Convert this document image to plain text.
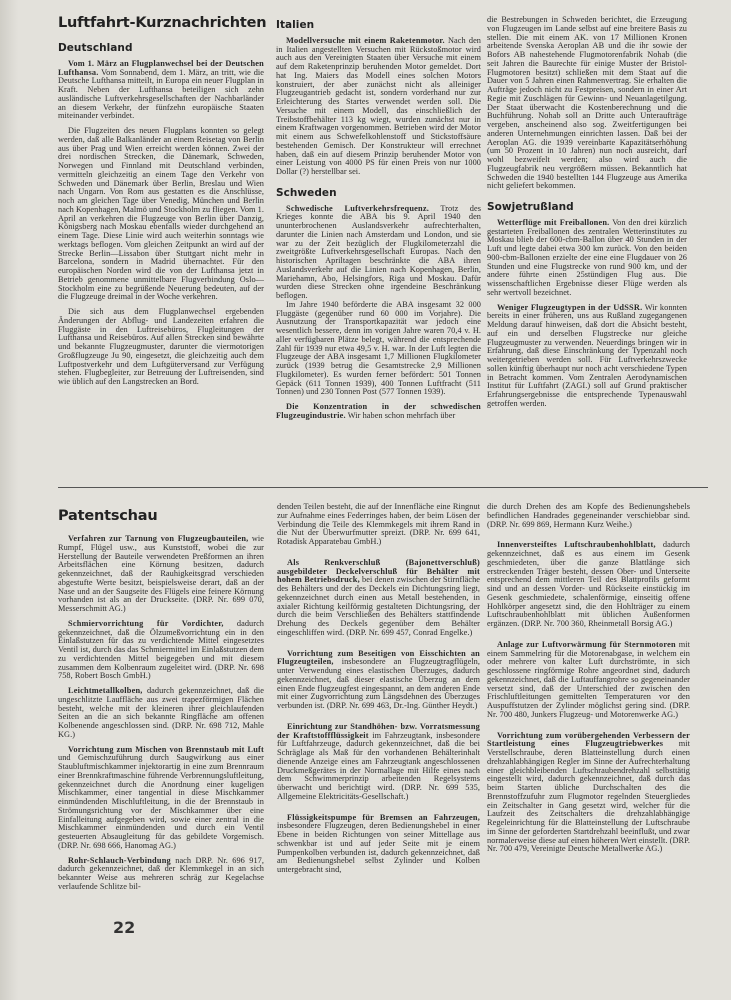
Luftfahrt-Kurznachrichten
Deutschland

Vom 1. März an Flugplanwechsel bei der Deutschen Lufthansa. Vom Sonnabend, dem 1. März, an tritt, wie die Deutsche Lufthansa mitteilt, in Europa ein neuer Flugplan in Kraft. Neben der Lufthansa beteiligen sich zehn ausländische Luftverkehrsgesellschaften der Nachbarländer an diesem Verkehr, der fünfzehn europäische Staaten miteinander verbindet.

Die Flugzeiten des neuen Flugplans konnten so gelegt werden, daß alle Balkanländer an einem Reisetag von Berlin aus über Prag und Wien erreicht werden können. Zwei der drei nordischen Strecken, die Dänemark, Schweden, Norwegen und Finnland mit Deutschland verbinden, vermitteln gleichzeitig an einem Tage den Verkehr von Schweden und Dänemark über Berlin, Breslau und Wien nach Ungarn. Von Rom aus gestatten es die Anschlüsse, noch am gleichen Tage über Venedig, München und Berlin nach Kopenhagen, Malmö und Stockholm zu fliegen. Vom 1. April an verkehren die Flugzeuge von Berlin über Danzig, Königsberg nach Moskau ebenfalls wieder durchgehend an einem Tage. Diese Linie wird auch weiterhin sonntags wie werktags beflogen. Vom gleichen Zeitpunkt an wird auf der Strecke Berlin—Lissabon über Stuttgart nicht mehr in Barcelona, sondern in Madrid übernachtet. Für den europäischen Norden wird die von der Lufthansa jetzt in Betrieb genommene unmittelbare Flugverbindung Oslo—Stockholm eine zu begrüßende Neuerung bedeuten, auf der die Flugzeuge dreimal in der Woche verkehren.

Die sich aus dem Flugplanwechsel ergebenden Änderungen der Abflug- und Landezeiten erfahren die Fluggäste in den Luftreisebüros, Flugleitungen der Lufthansa und Reisebüros. Auf allen Strecken sind bewährte und bekannte Flugzeugmuster, darunter die viermotorigen Großflugzeuge Ju 90, eingesetzt, die gleichzeitig auch dem Luftpostverkehr und dem Luftgüterversand zur Verfügung stehen. Flugbegleiter, zur Betreuung der Luftreisenden, sind wie üblich auf den Langstrecken an Bord.

Italien

Modellversuche mit einem Raketenmotor. Nach den in Italien angestellten Versuchen mit Rückstoßmotor wird auch aus den Vereinigten Staaten über Versuche mit einem auf dem Raketenprinzip beruhenden Motor gemeldet. Dort hat Ing. Maiers das Modell eines solchen Motors konstruiert, der aber zunächst nicht als alleiniger Flugzeugantrieb gedacht ist, sondern vorderhand nur zur Erleichterung des Startes verwendet werden soll. Die Versuche mit einem Modell, das einschließlich der Treibstoffbehälter 113 kg wiegt, wurden zunächst nur in einem Kraftwagen vorgenommen. Betrieben wird der Motor mit einem aus Schwefelkohlenstoff und Stickstoffsäure bestehenden Gemisch. Der Konstrukteur will errechnet haben, daß ein auf diesem Prinzip beruhender Motor von einer Leistung von 4000 PS für einen Preis von nur 1000 Dollar (?) herstellbar sei.

Schweden

Schwedische Luftverkehrsfrequenz. Trotz des Krieges konnte die ABA bis 9. April 1940 den ununterbrochenen Auslandsverkehr aufrechterhalten, darunter die Linien nach Amsterdam und London, und sie war zu der Zeit bezüglich der Flugkilometerzahl die zweitgrößte Luftverkehrsgesellschaft Europas. Nach den historischen Apriltagen beschränkte die ABA ihren Auslandsverkehr auf die Linien nach Kopenhagen, Berlin, Mariehamn, Abo, Helsingfors, Riga und Moskau. Dafür wurden diese Strecken ohne irgendeine Beschränkung beflogen.

Im Jahre 1940 beförderte die ABA insgesamt 32 000 Fluggäste (gegenüber rund 60 000 im Vorjahre). Die Ausnutzung der Transportkapazität war jedoch eine wesentlich bessere, denn im vorigen Jahre waren 70,4 v. H. aller verfügbaren Plätze belegt, während die entsprechende Zahl für 1939 nur etwa 49,5 v. H. war. In der Luft legten die Flugzeuge der ABA insgesamt 1,7 Millionen Flugkilometer zurück (1939 betrug die Gesamtstrecke 2,9 Millionen Flugkilometer). Es wurden ferner befördert: 501 Tonnen Gepäck (611 Tonnen 1939), 400 Tonnen Luftfracht (511 Tonnen) und 230 Tonnen Post (577 Tonnen 1939).

Die Konzentration in der schwedischen Flugzeugindustrie. Wir haben schon mehrfach über

die Bestrebungen in Schweden berichtet, die Erzeugung von Flugzeugen im Lande selbst auf eine breitere Basis zu stellen. Die mit einem AK. von 17 Millionen Kronen arbeitende Svenska Aeroplan AB und die ihr sowie der Bofors AB nahestehende Flugmotorenfabrik Nohab (die seit Jahren die Baurechte für einige Muster der Bristol-Flugmotoren besitzt) schließen mit dem Staat auf die Dauer von 5 Jahren einen Rahmenvertrag. Sie erhalten die Aufträge jedoch nicht zu Festpreisen, sondern in einer Art Regie mit Zuschlägen für Gewinn- und Neuanlagetilgung. Der Staat überwacht die Kostenberechnung und die Buchführung. Nohab soll an Dritte auch Unteraufträge vergeben, anscheinend also sog. Zweitfertigungen bei anderen Unternehmungen einrichten lassen. Daß bei der Aeroplan AG. die 1939 vereinbarte Kapazitätserhöhung (um 50 Prozent in 10 Jahren) nun noch ausreicht, darf wohl bezweifelt werden; also wird auch die Flugzeugfabrik neu vergrößern müssen. Bekanntlich hat Schweden die 1940 bestellten 144 Flugzeuge aus Amerika nicht geliefert bekommen.

Sowjetrußland

Wetterflüge mit Freiballonen. Von den drei kürzlich gestarteten Freiballonen des zentralen Wetterinstitutes zu Moskau blieb der 600-cbm-Ballon über 40 Stunden in der Luft und legte dabei etwa 300 km zurück. Von den beiden 900-cbm-Ballonen erzielte der eine eine Flugdauer von 26 Stunden und eine Flugstrecke von rund 900 km, und der andere führte einen 25stündigen Flug aus. Die wissenschaftlichen Ergebnisse dieser Flüge werden als sehr wertvoll bezeichnet.

Weniger Flugzeugtypen in der UdSSR. Wir konnten bereits in einer früheren, uns aus Rußland zugegangenen Meldung darauf hinweisen, daß dort die Absicht besteht, auf ein und derselben Flugstrecke nur gleiche Flugzeugmuster zu verwenden. Neuerdings bringen wir in Erfahrung, daß diese Einschränkung der Typenzahl noch weitergetrieben werden soll. Für Luftverkehrszwecke sollen künftig überhaupt nur noch acht verschiedene Typen in Betracht kommen. Vom Zentralen Aerodynamischen Institut für Luftfahrt (ZAGI.) soll auf Grund praktischer Erfahrungsergebnisse die entsprechende Typenauswahl getroffen werden.

Patentschau

Verfahren zur Tarnung von Flugzeugbauteilen, wie Rumpf, Flügel usw., aus Kunststoff, wobei die zur Herstellung der Bauteile verwendeten Preßformen an ihren Arbeitsflächen eine Körnung besitzen, dadurch gekennzeichnet, daß der Rauhigkeitsgrad verschieden abgestufte Werte besitzt, beispielsweise derart, daß an der Nase und an der Saugseite des Flügels eine feinere Körnung vorhanden ist als an der Druckseite. (DRP. Nr. 699 070, Messerschmitt AG.)

Schmiervorrichtung für Vordichter, dadurch gekennzeichnet, daß die Ölzumeßvorrichtung ein in den Einlaßstutzen für das zu verdichtende Mittel eingesetztes Ventil ist, durch das das Schmiermittel im Einlaßstutzen dem zu verdichtenden Mittel beigegeben und mit diesem zusammen dem Kolbenraum zugeleitet wird. (DRP. Nr. 698 758, Robert Bosch GmbH.)

Leichtmetallkolben, dadurch gekennzeichnet, daß die ungeschlitzte Lauffläche aus zwei trapezförmigen Flächen besteht, welche mit der kleineren ihrer gleichlaufenden Seiten an die an sich bekannte Ringfläche am offenen Kolbenende angeschlossen sind. (DRP. Nr. 698 712, Mahle KG.)

Vorrichtung zum Mischen von Brennstaub mit Luft und Gemischzuführung durch Saugwirkung aus einer Staubluftmischkammer injektorartig in eine zum Brennraum einer Brennkraftmaschine führende Verbrennungsluftleitung, gekennzeichnet durch die Anordnung einer kugeligen Mischkammer, einer tangential in diese Mischkammer einmündenden Mischluftleitung, in die der Brennstaub in Strömungsrichtung vor der Mischkammer über eine Einfalleitung aufgegeben wird, sowie einer zentral in die Mischkammer einmündenden und durch ein Ventil gesteuerten Absaugleitung für das gebildete Vorgemisch. (DRP. Nr. 698 666, Hanomag AG.)

Rohr-Schlauch-Verbindung nach DRP. Nr. 696 917, dadurch gekennzeichnet, daß der Klemmkegel in an sich bekannter Weise aus mehreren schräg zur Kegelachse verlaufende Schlitze bil-

denden Teilen besteht, die auf der Innenfläche eine Ringnut zur Aufnahme eines Federringes haben, der beim Lösen der Verbindung die Teile des Klemmkegels mit ihrem Rand in die Nut der Überwurfmutter spreizt. (DRP. Nr. 699 641, Rotadisk Apparatebau GmbH.)

Als Renkverschluß (Bajonettverschluß) ausgebildeter Deckelverschluß für Behälter mit hohem Betriebsdruck, bei denen zwischen der Stirnfläche des Behälters und der des Deckels ein Dichtungsring liegt, gekennzeichnet durch einen aus Metall bestehenden, in axialer Richtung keilförmig gestalteten Dichtungsring, der durch die beim Verschließen des Behälters stattfindende Drehung des Deckels gegenüber dem Behälter eingeschliffen wird. (DRP. Nr. 699 457, Conrad Engelke.)

Vorrichtung zum Beseitigen von Eisschichten an Flugzeugteilen, insbesondere an Flugzeugtragflügeln, unter Verwendung eines elastischen Überzuges, dadurch gekennzeichnet, daß dieser elastische Überzug an dem einen Ende flugzeugfest eingespannt, an dem anderen Ende mit einer Zugvorrichtung zum Längsdehnen des Überzuges verbunden ist. (DRP. Nr. 699 463, Dr.-Ing. Günther Heydt.)

Einrichtung zur Standhöhen- bzw. Vorratsmessung der Kraftstoffflüssigkeit im Fahrzeugtank, insbesondere für Luftfahrzeuge, dadurch gekennzeichnet, daß die bei Schräglage als Maß für den vorhandenen Behälterinhalt dienende Anzeige eines am Fahrzeugtank angeschlossenen Druckmeßgerätes in der Normallage mit Hilfe eines nach dem Schwimmerprinzip arbeitenden Regelsystems überwacht und berichtigt wird. (DRP. Nr. 699 535, Allgemeine Elektricitäts-Gesellschaft.)

Flüssigkeitspumpe für Bremsen an Fahrzeugen, insbesondere Flugzeugen, deren Bedienungshebel in einer Ebene in beiden Richtungen von seiner Mittellage aus schwenkbar ist und auf jeder Seite mit je einem Pumpenkolben verbunden ist, dadurch gekennzeichnet, daß am Bedienungshebel selbst Zylinder und Kolben untergebracht sind,

die durch Drehen des am Kopfe des Bedienungshebels befindlichen Handrades gegeneinander verschiebbar sind. (DRP. Nr. 699 869, Hermann Kurz Weihe.)

Innenversteiftes Luftschraubenhohlblatt, dadurch gekennzeichnet, daß es aus einem im Gesenk geschmiedeten, über die ganze Blattlänge sich erstreckenden Träger besteht, dessen Ober- und Unterseite entsprechend dem mittleren Teil des Blattprofils geformt sind und an dessen Vorder- und Rückseite einstückig im Gesenk geschmiedete, schalenförmige, einseitig offene Hohlkörper angesetzt sind, die den Hohlträger zu einem Luftschraubenhohlblatt mit üblichen Außenformen ergänzen. (DRP. Nr. 700 360, Rheinmetall Borsig AG.)

Anlage zur Luftvorwärmung für Sternmotoren mit einem Sammelring für die Motorenabgase, in welchem ein oder mehrere von kalter Luft durchströmte, in sich geschlossene ringförmige Rohre angeordnet sind, dadurch gekennzeichnet, daß die Luftauffangrohre so gegeneinander versetzt sind, daß der Unterschied der zwischen den Frischluftleitungen gemittelten Temperaturen vor den Auspuffstutzen der Zylinder möglichst gering sind. (DRP. Nr. 700 480, Junkers Flugzeug- und Motorenwerke AG.)

Vorrichtung zum vorübergehenden Verbessern der Startleistung eines Flugzeugtriebwerkes mit Verstellschraube, deren Blatteinstellung durch einen drehzahlabhängigen Regler im Sinne der Aufrechterhaltung einer gleichbleibenden Luftschraubendrehzahl selbsttätig eingestellt wird, dadurch gekennzeichnet, daß durch das beim Starten übliche Durchschalten des die Brennstoffzufuhr zum Flugmotor regelnden Steuergliedes ein Zeitschalter in Gang gesetzt wird, welcher für die Laufzeit des Zeitschalters die drehzahlabhängige Regeleinrichtung für die Blatteinstellung der Luftschraube im Sinne der geforderten Startdrehzahl beeinflußt, und zwar normalerweise diese auf einen höheren Wert einstellt. (DRP. Nr. 700 479, Vereinigte Deutsche Metallwerke AG.)

22
